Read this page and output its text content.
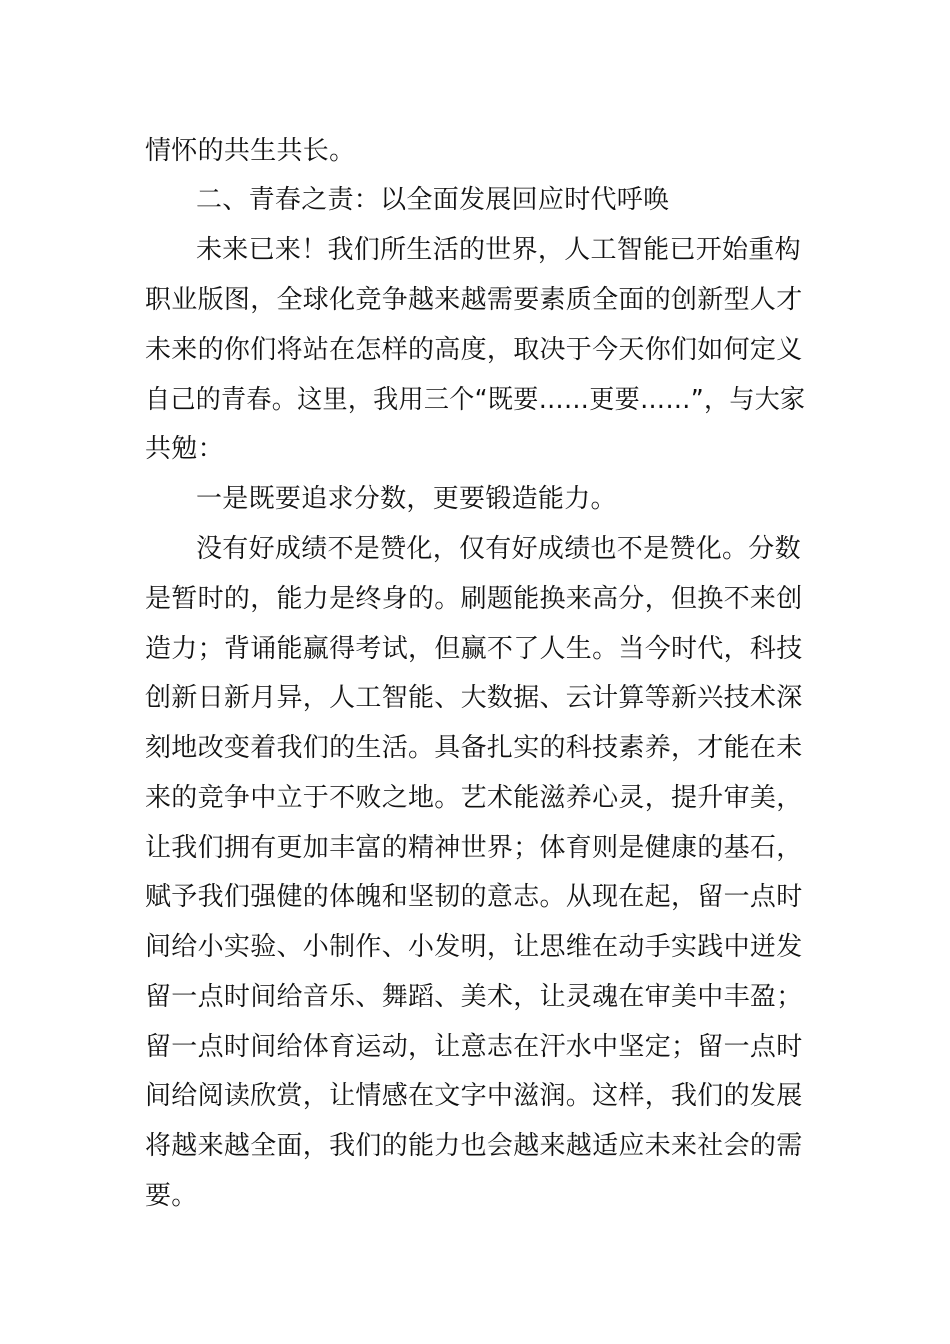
情怀的共生共长。
二、青春之责：以全面发展回应时代呼唤
未来已来！我们所生活的世界，人工智能已开始重构
职业版图，全球化竞争越来越需要素质全面的创新型人才
未来的你们将站在怎样的高度，取决于今天你们如何定义
自己的青春。这里，我用三个“既要……更要……”，与大家
共勉：
一是既要追求分数，更要锻造能力。
没有好成绩不是赞化，仅有好成绩也不是赞化。分数
是暂时的，能力是终身的。刷题能换来高分，但换不来创
造力；背诵能赢得考试，但赢不了人生。当今时代，科技
创新日新月异，人工智能、大数据、云计算等新兴技术深
刻地改变着我们的生活。具备扎实的科技素养，才能在未
来的竞争中立于不败之地。艺术能滋养心灵，提升审美，
让我们拥有更加丰富的精神世界；体育则是健康的基石，
赋予我们强健的体魄和坚韧的意志。从现在起，留一点时
间给小实验、小制作、小发明，让思维在动手实践中迸发
留一点时间给音乐、舞蹈、美术，让灵魂在审美中丰盈；
留一点时间给体育运动，让意志在汗水中坚定；留一点时
间给阅读欣赏，让情感在文字中滋润。这样，我们的发展
将越来越全面，我们的能力也会越来越适应未来社会的需
要。
